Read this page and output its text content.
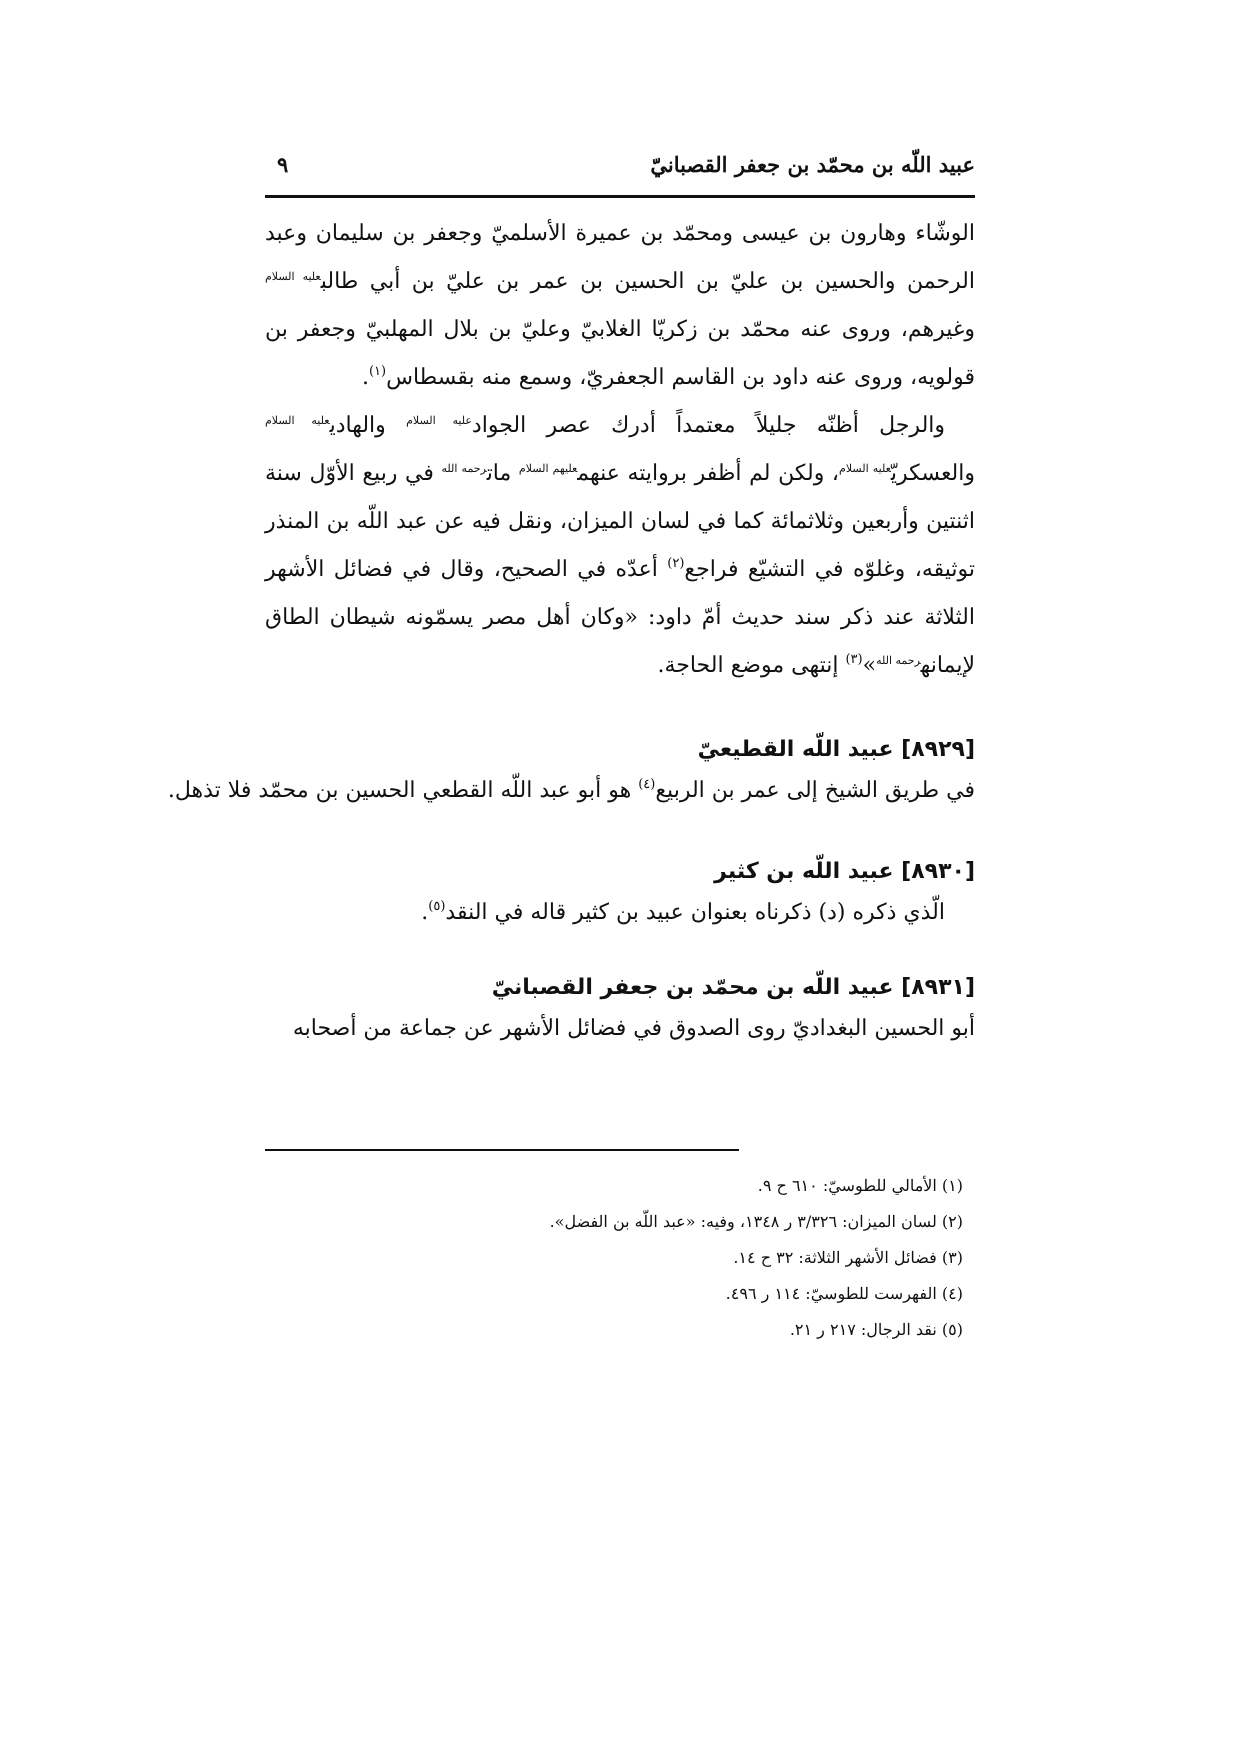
عبيد اللّه بن محمّد بن جعفر القصبانيّ
٩

الوشّاء وهارون بن عيسى ومحمّد بن عميرة الأسلميّ وجعفر بن سليمان وعبد الرحمن والحسين بن عليّ بن الحسين بن عمر بن عليّ بن أبي طالب$^{عليه السلام}$ وغيرهم، وروى عنه محمّد بن زكريّا الغلابيّ وعليّ بن بلال المهلبيّ وجعفر بن قولويه، وروى عنه داود بن القاسم الجعفريّ، وسمع منه بقسطاس$^{(١)}$.

والرجل أظنّه جليلاً معتمداً أدرك عصر الجواد$^{عليه السلام}$ والهادي$^{عليه السلام}$ والعسكريّ$^{عليه السلام}$، ولكن لم أظفر بروايته عنهم$^{عليهم السلام}$ مات$^{رحمه الله}$ في ربيع الأوّل سنة اثنتين وأربعين وثلاثمائة كما في لسان الميزان، ونقل فيه عن عبد اللّه بن المنذر توثيقه، وغلوّه في التشيّع فراجع$^{(٢)}$ أعدّه في الصحيح، وقال في فضائل الأشهر الثلاثة عند ذكر سند حديث أمّ داود: «وكان أهل مصر يسمّونه شيطان الطاق لإيمانه$^{رحمه الله}$»$^{(٣)}$ إنتهى موضع الحاجة.

[٨٩٢٩] عبيد اللّه القطيعيّ

في طريق الشيخ إلى عمر بن الربيع$^{(٤)}$ هو أبو عبد اللّه القطعي الحسين بن محمّد فلا تذهل.

[٨٩٣٠] عبيد اللّه بن كثير

الّذي ذكره (د) ذكرناه بعنوان عبيد بن كثير قاله في النقد$^{(٥)}$.

[٨٩٣١] عبيد اللّه بن محمّد بن جعفر القصبانيّ

أبو الحسين البغداديّ روى الصدوق في فضائل الأشهر عن جماعة من أصحابه

(١) الأمالي للطوسيّ: ٦١٠ ح ٩.

(٢) لسان الميزان: ٣/٣٢٦ ر ١٣٤٨، وفيه: «عبد اللّه بن الفضل».

(٣) فضائل الأشهر الثلاثة: ٣٢ ح ١٤.

(٤) الفهرست للطوسيّ: ١١٤ ر ٤٩٦.

(٥) نقد الرجال: ٢١٧ ر ٢١.
